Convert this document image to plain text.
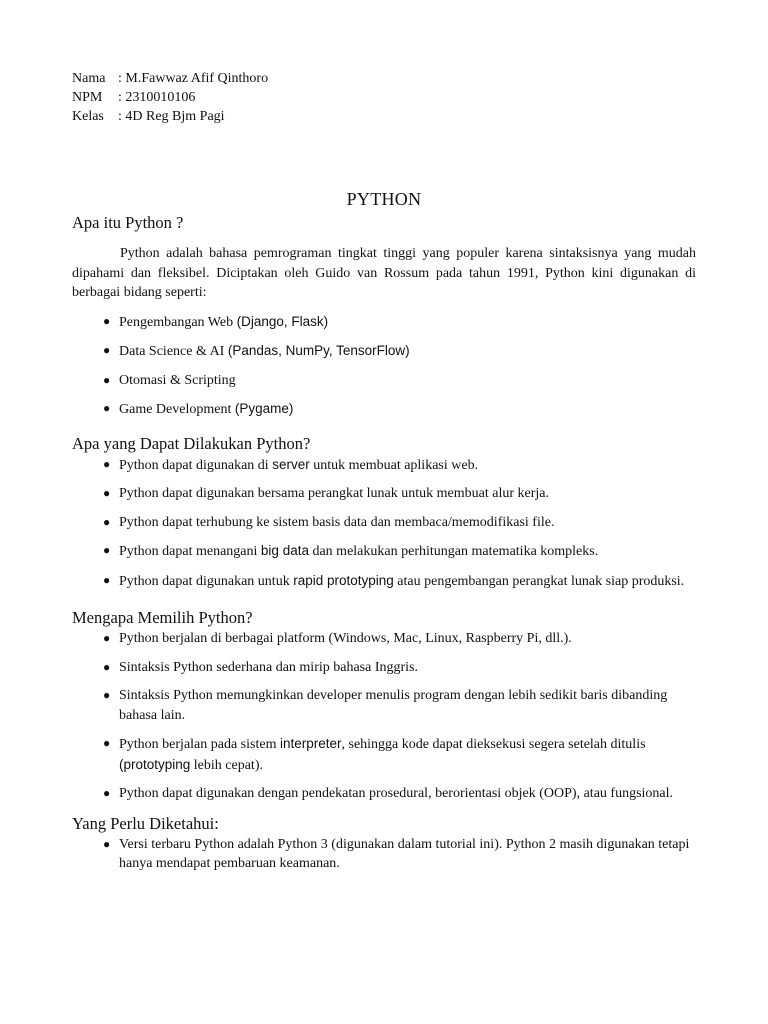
Nama : M.Fawwaz Afif Qinthoro
NPM	: 2310010106
Kelas	: 4D Reg Bjm Pagi
PYTHON
Apa itu Python ?

Python adalah bahasa pemrograman tingkat tinggi yang populer karena sintaksisnya yang mudah dipahami dan fleksibel. Diciptakan oleh Guido van Rossum pada tahun 1991, Python kini digunakan di berbagai bidang seperti:

● Pengembangan Web (Django, Flask)
● Data Science & AI (Pandas, NumPy, TensorFlow)
● Otomasi & Scripting
● Game Development (Pygame)
Apa yang Dapat Dilakukan Python?
● Python dapat digunakan di server untuk membuat aplikasi web.
● Python dapat digunakan bersama perangkat lunak untuk membuat alur kerja.
● Python dapat terhubung ke sistem basis data dan membaca/memodifikasi file.
● Python dapat menangani big data dan melakukan perhitungan matematika kompleks.
● Python dapat digunakan untuk rapid prototyping atau pengembangan perangkat lunak siap produksi.
Mengapa Memilih Python?
● Python berjalan di berbagai platform (Windows, Mac, Linux, Raspberry Pi, dll.).
● Sintaksis Python sederhana dan mirip bahasa Inggris.
● Sintaksis Python memungkinkan developer menulis program dengan lebih sedikit baris dibanding bahasa lain.
● Python berjalan pada sistem interpreter, sehingga kode dapat dieksekusi segera setelah ditulis (prototyping lebih cepat).
● Python dapat digunakan dengan pendekatan prosedural, berorientasi objek (OOP), atau fungsional.
Yang Perlu Diketahui:
● Versi terbaru Python adalah Python 3 (digunakan dalam tutorial ini). Python 2 masih digunakan tetapi hanya mendapat pembaruan keamanan.
